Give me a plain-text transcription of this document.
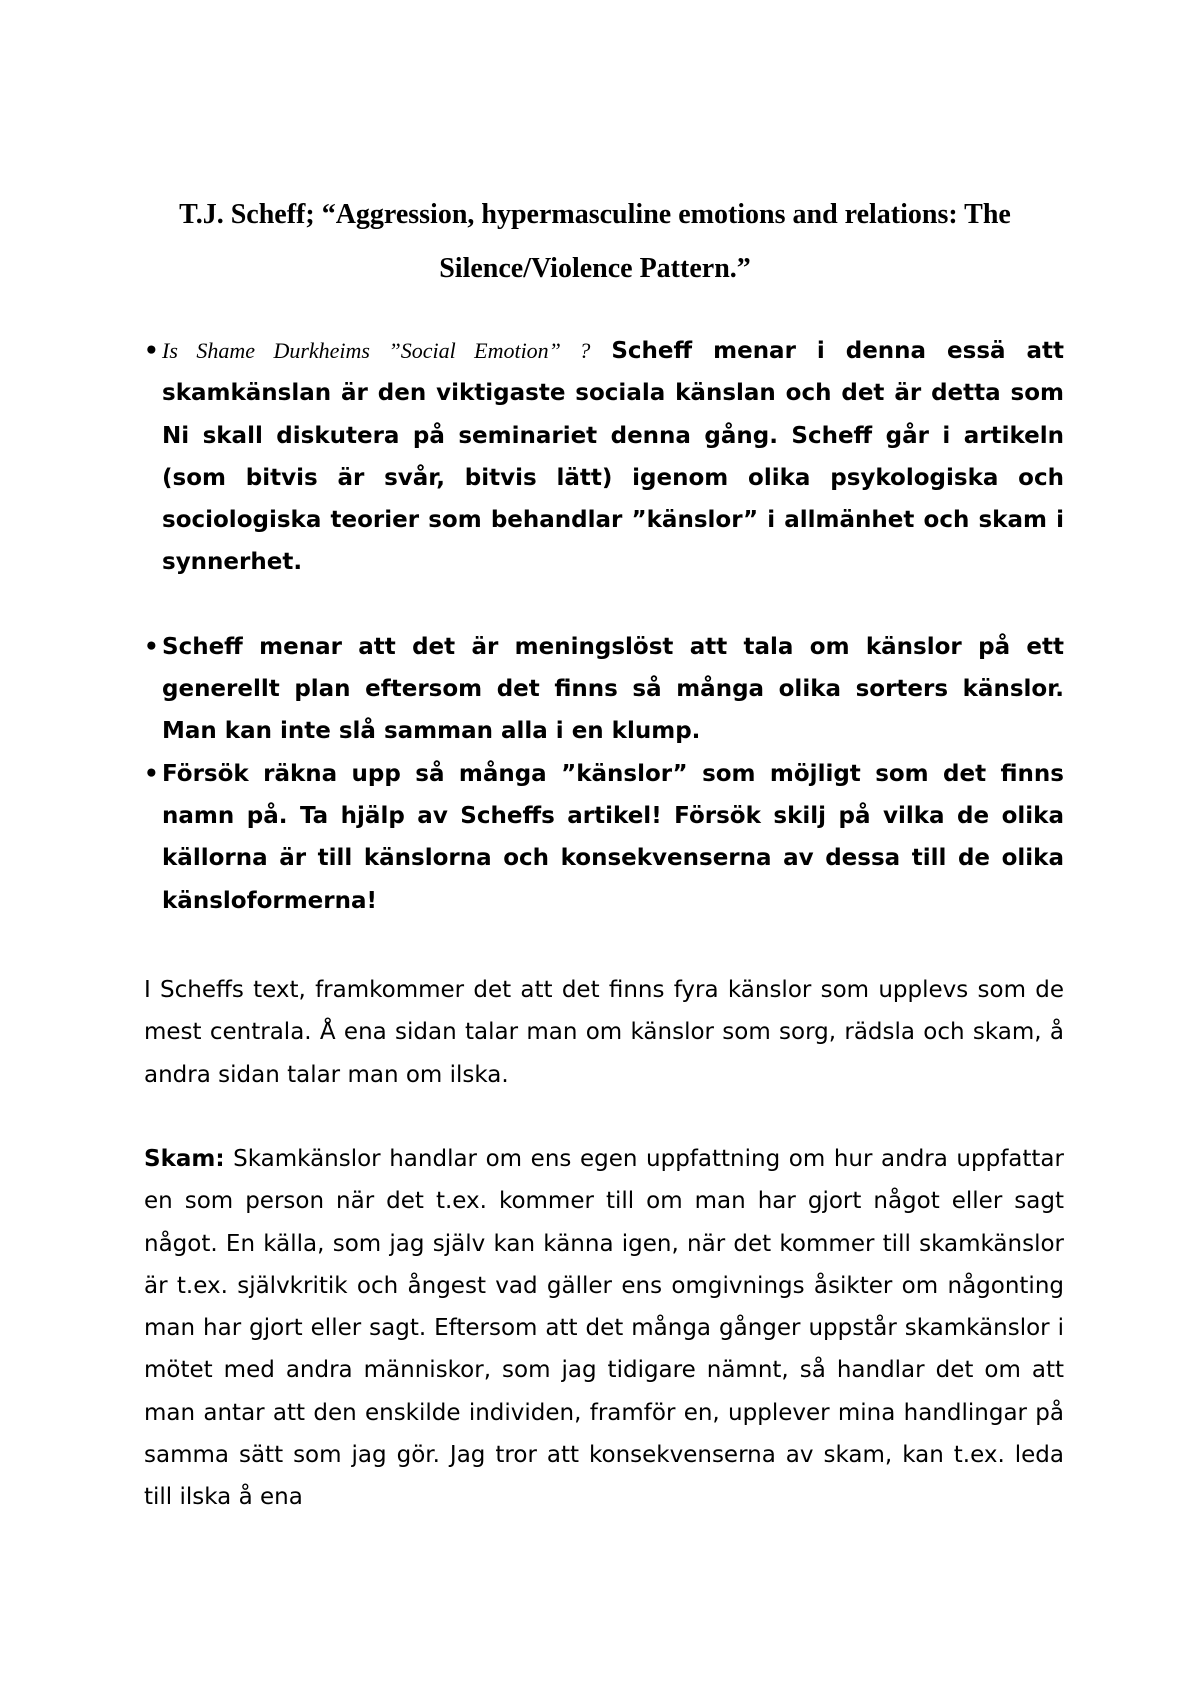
T.J. Scheff; “Aggression, hypermasculine emotions and relations: The Silence/Violence Pattern.”
• Is Shame Durkheims ”Social Emotion” ? Scheff menar i denna essä att skamkänslan är den viktigaste sociala känslan och det är detta som Ni skall diskutera på seminariet denna gång. Scheff går i artikeln (som bitvis är svår, bitvis lätt) igenom olika psykologiska och sociologiska teorier som behandlar ”känslor” i allmänhet och skam i synnerhet.
• Scheff menar att det är meningslöst att tala om känslor på ett generellt plan eftersom det finns så många olika sorters känslor. Man kan inte slå samman alla i en klump.
• Försök räkna upp så många ”känslor” som möjligt som det finns namn på. Ta hjälp av Scheffs artikel! Försök skilj på vilka de olika källorna är till känslorna och konsekvenserna av dessa till de olika känsloformerna!

I Scheffs text, framkommer det att det finns fyra känslor som upplevs som de mest centrala. Å ena sidan talar man om känslor som sorg, rädsla och skam, å andra sidan talar man om ilska.

Skam: Skamkänslor handlar om ens egen uppfattning om hur andra uppfattar en som person när det t.ex. kommer till om man har gjort något eller sagt något. En källa, som jag själv kan känna igen, när det kommer till skamkänslor är t.ex. självkritik och ångest vad gäller ens omgivnings åsikter om någonting man har gjort eller sagt. Eftersom att det många gånger uppstår skamkänslor i mötet med andra människor, som jag tidigare nämnt, så handlar det om att man antar att den enskilde individen, framför en, upplever mina handlingar på samma sätt som jag gör. Jag tror att konsekvenserna av skam, kan t.ex. leda till ilska å ena
